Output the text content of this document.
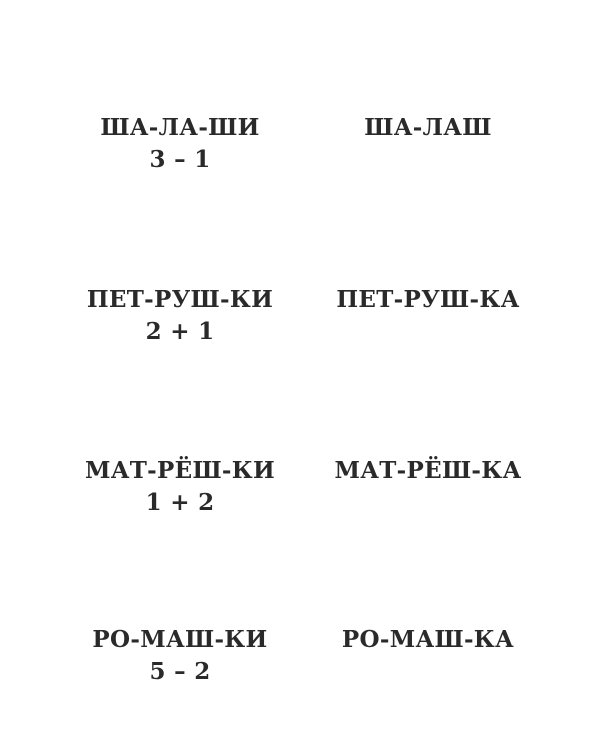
ША-ЛА-ШИ
3 – 1
ША-ЛАШ
ПЕТ-РУШ-КИ
2 + 1
ПЕТ-РУШ-КА
МАТ-РЁШ-КИ
1 + 2
МАТ-РЁШ-КА
РО-МАШ-КИ
5 – 2
РО-МАШ-КА
